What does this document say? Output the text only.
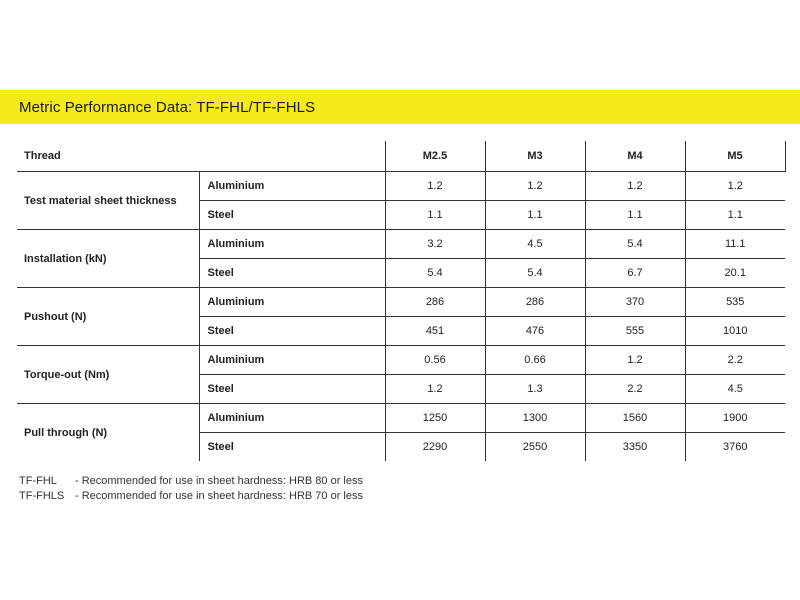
Metric Performance Data: TF-FHL/TF-FHLS
Thread		M2.5	M3	M4	M5
Test material sheet thickness	Aluminium	1.2	1.2	1.2	1.2
	Steel	1.1	1.1	1.1	1.1
Installation (kN)	Aluminium	3.2	4.5	5.4	11.1
	Steel	5.4	5.4	6.7	20.1
Pushout (N)	Aluminium	286	286	370	535
	Steel	451	476	555	1010
Torque-out (Nm)	Aluminium	0.56	0.66	1.2	2.2
	Steel	1.2	1.3	2.2	4.5
Pull through (N)	Aluminium	1250	1300	1560	1900
	Steel	2290	2550	3350	3760
TF-FHL	- Recommended for use in sheet hardness: HRB 80 or less
TF-FHLS - Recommended for use in sheet hardness: HRB 70 or less
